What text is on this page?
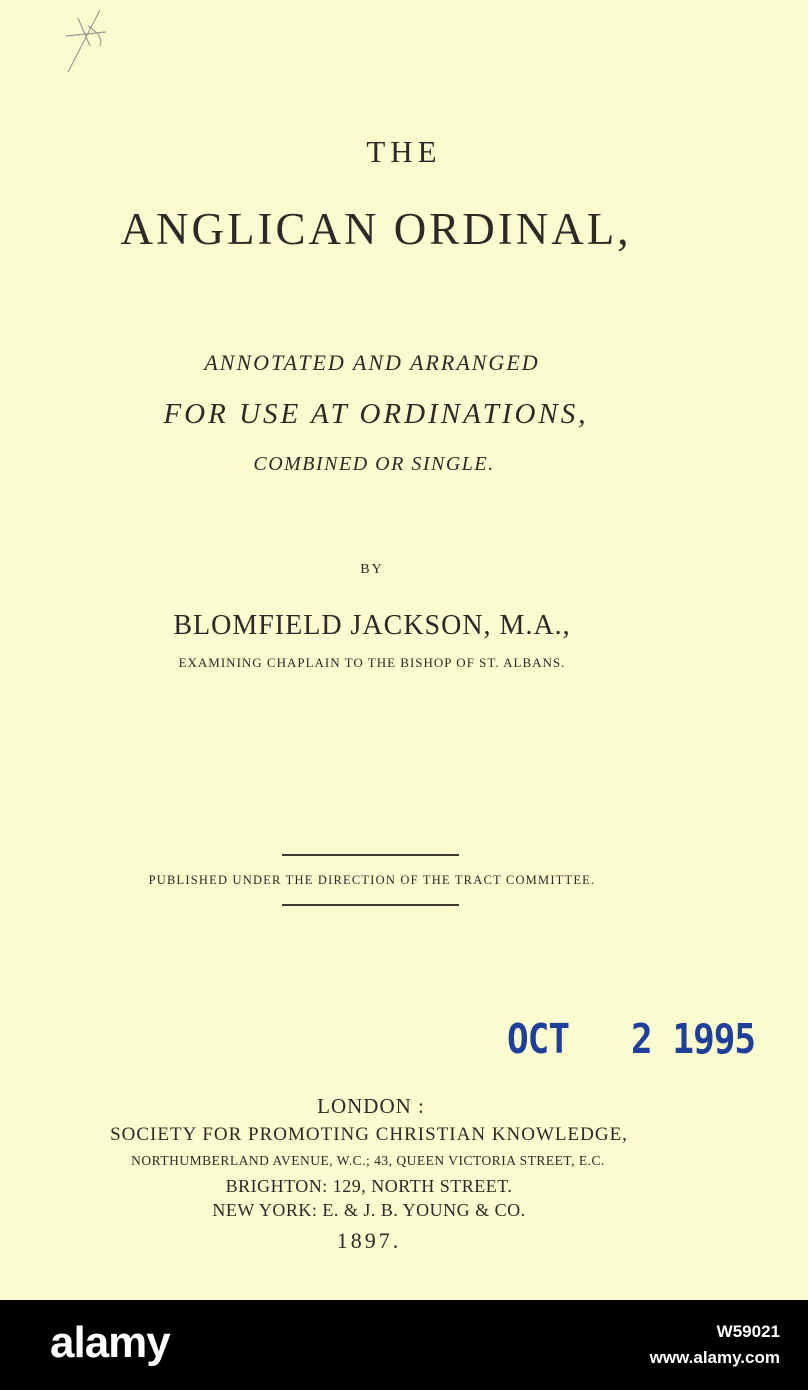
THE
ANGLICAN ORDINAL,
ANNOTATED AND ARRANGED
FOR USE AT ORDINATIONS,
COMBINED OR SINGLE.
BY
BLOMFIELD JACKSON, M.A.,
EXAMINING CHAPLAIN TO THE BISHOP OF ST. ALBANS.
PUBLISHED UNDER THE DIRECTION OF THE TRACT COMMITTEE.
OCT   2 1995
LONDON :
SOCIETY FOR PROMOTING CHRISTIAN KNOWLEDGE,
NORTHUMBERLAND AVENUE, W.C.; 43, QUEEN VICTORIA STREET, E.C.
BRIGHTON: 129, NORTH STREET.
NEW YORK: E. & J. B. YOUNG & CO.
1897.
alamy	W59021
www.alamy.com
